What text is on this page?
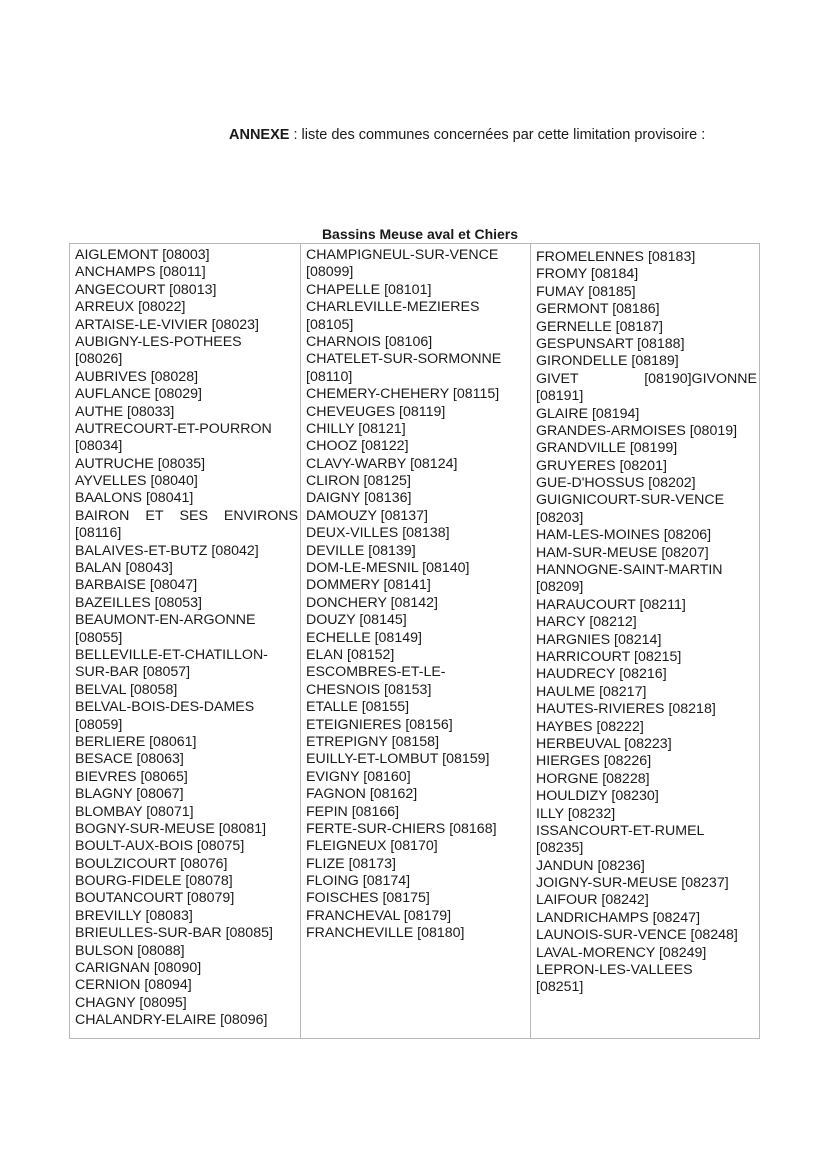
ANNEXE : liste des communes concernées par cette limitation provisoire :
Bassins Meuse aval et Chiers
AIGLEMONT [08003]
ANCHAMPS [08011]
ANGECOURT [08013]
ARREUX [08022]
ARTAISE-LE-VIVIER [08023]
AUBIGNY-LES-POTHEES
[08026]
AUBRIVES [08028]
AUFLANCE [08029]
AUTHE [08033]
AUTRECOURT-ET-POURRON
[08034]
AUTRUCHE [08035]
AYVELLES [08040]
BAALONS [08041]
BAIRON ET SES ENVIRONS
[08116]
BALAIVES-ET-BUTZ [08042]
BALAN [08043]
BARBAISE [08047]
BAZEILLES [08053]
BEAUMONT-EN-ARGONNE
[08055]
BELLEVILLE-ET-CHATILLON-
SUR-BAR [08057]
BELVAL [08058]
BELVAL-BOIS-DES-DAMES
[08059]
BERLIERE [08061]
BESACE [08063]
BIEVRES [08065]
BLAGNY [08067]
BLOMBAY [08071]
BOGNY-SUR-MEUSE [08081]
BOULT-AUX-BOIS [08075]
BOULZICOURT [08076]
BOURG-FIDELE [08078]
BOUTANCOURT [08079]
BREVILLY [08083]
BRIEULLES-SUR-BAR [08085]
BULSON [08088]
CARIGNAN [08090]
CERNION [08094]
CHAGNY [08095]
CHALANDRY-ELAIRE [08096]
CHAMPIGNEUL-SUR-VENCE
[08099]
CHAPELLE [08101]
CHARLEVILLE-MEZIERES
[08105]
CHARNOIS [08106]
CHATELET-SUR-SORMONNE
[08110]
CHEMERY-CHEHERY [08115]
CHEVEUGES [08119]
CHILLY [08121]
CHOOZ [08122]
CLAVY-WARBY [08124]
CLIRON [08125]
DAIGNY [08136]
DAMOUZY [08137]
DEUX-VILLES [08138]
DEVILLE [08139]
DOM-LE-MESNIL [08140]
DOMMERY [08141]
DONCHERY [08142]
DOUZY [08145]
ECHELLE [08149]
ELAN [08152]
ESCOMBRES-ET-LE-
CHESNOIS [08153]
ETALLE [08155]
ETEIGNIERES [08156]
ETREPIGNY [08158]
EUILLY-ET-LOMBUT [08159]
EVIGNY [08160]
FAGNON [08162]
FEPIN [08166]
FERTE-SUR-CHIERS [08168]
FLEIGNEUX [08170]
FLIZE [08173]
FLOING [08174]
FOISCHES [08175]
FRANCHEVAL [08179]
FRANCHEVILLE [08180]
FROMELENNES [08183]
FROMY [08184]
FUMAY [08185]
GERMONT [08186]
GERNELLE [08187]
GESPUNSART [08188]
GIRONDELLE [08189]
GIVET	[08190]GIVONNE
[08191]
GLAIRE [08194]
GRANDES-ARMOISES [08019]
GRANDVILLE [08199]
GRUYERES [08201]
GUE-D'HOSSUS [08202]
GUIGNICOURT-SUR-VENCE
[08203]
HAM-LES-MOINES [08206]
HAM-SUR-MEUSE [08207]
HANNOGNE-SAINT-MARTIN
[08209]
HARAUCOURT [08211]
HARCY [08212]
HARGNIES [08214]
HARRICOURT [08215]
HAUDRECY [08216]
HAULME [08217]
HAUTES-RIVIERES [08218]
HAYBES [08222]
HERBEUVAL [08223]
HIERGES [08226]
HORGNE [08228]
HOULDIZY [08230]
ILLY [08232]
ISSANCOURT-ET-RUMEL
[08235]
JANDUN [08236]
JOIGNY-SUR-MEUSE [08237]
LAIFOUR [08242]
LANDRICHAMPS [08247]
LAUNOIS-SUR-VENCE [08248]
LAVAL-MORENCY [08249]
LEPRON-LES-VALLEES
[08251]
